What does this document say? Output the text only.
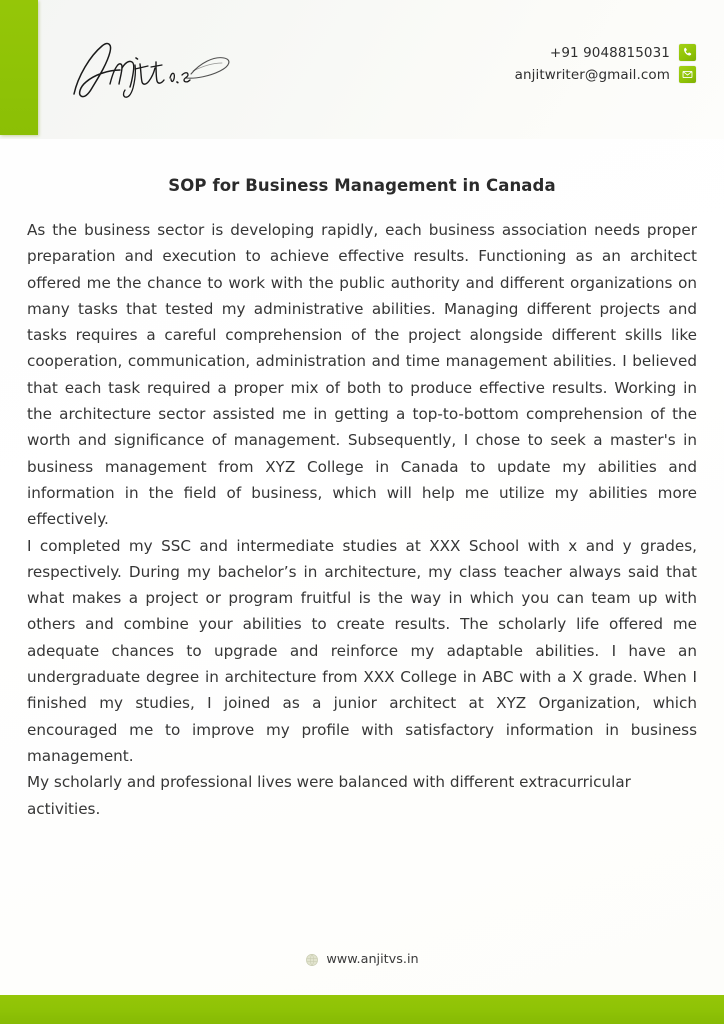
+91 9048815031
anjitwriter@gmail.com
SOP for Business Management in Canada

As the business sector is developing rapidly, each business association needs proper preparation and execution to achieve effective results. Functioning as an architect offered me the chance to work with the public authority and different organizations on many tasks that tested my administrative abilities. Managing different projects and tasks requires a careful comprehension of the project alongside different skills like cooperation, communication, administration and time management abilities. I believed that each task required a proper mix of both to produce effective results. Working in the architecture sector assisted me in getting a top-to-bottom comprehension of the worth and significance of management. Subsequently, I chose to seek a master's in business management from XYZ College in Canada to update my abilities and information in the field of business, which will help me utilize my abilities more effectively.

I completed my SSC and intermediate studies at XXX School with x and y grades, respectively. During my bachelor’s in architecture, my class teacher always said that what makes a project or program fruitful is the way in which you can team up with others and combine your abilities to create results. The scholarly life offered me adequate chances to upgrade and reinforce my adaptable abilities. I have an undergraduate degree in architecture from XXX College in ABC with a X grade. When I finished my studies, I joined as a junior architect at XYZ Organization, which encouraged me to improve my profile with satisfactory information in business management.

My scholarly and professional lives were balanced with different extracurricular activities.

www.anjitvs.in
